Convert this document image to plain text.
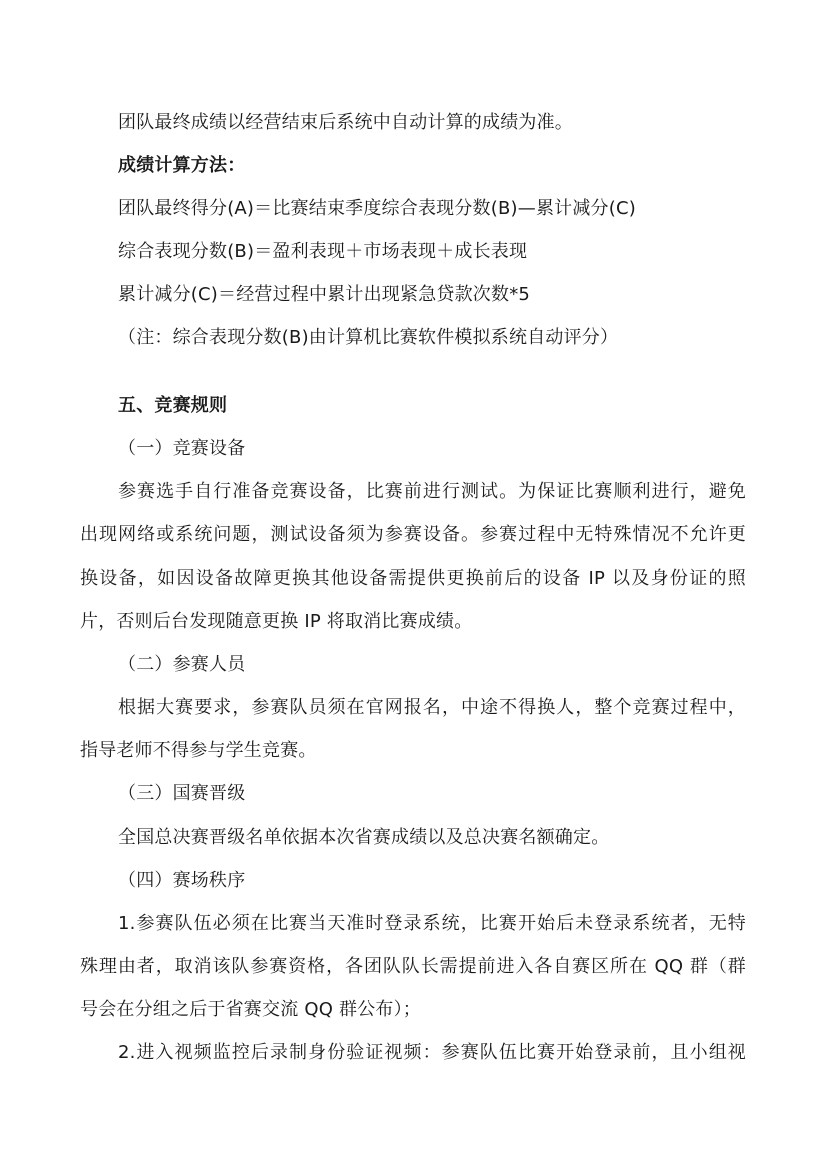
团队最终成绩以经营结束后系统中自动计算的成绩为准。
成绩计算方法：
团队最终得分(A)＝比赛结束季度综合表现分数(B)—累计减分(C)
综合表现分数(B)＝盈利表现＋市场表现＋成长表现
累计减分(C)＝经营过程中累计出现紧急贷款次数*5
（注：综合表现分数(B)由计算机比赛软件模拟系统自动评分）
五、竞赛规则
（一）竞赛设备
参赛选手自行准备竞赛设备，比赛前进行测试。为保证比赛顺利进行，避免
出现网络或系统问题，测试设备须为参赛设备。参赛过程中无特殊情况不允许更
换设备，如因设备故障更换其他设备需提供更换前后的设备 IP 以及身份证的照
片，否则后台发现随意更换 IP 将取消比赛成绩。
（二）参赛人员
根据大赛要求，参赛队员须在官网报名，中途不得换人，整个竞赛过程中，
指导老师不得参与学生竞赛。
（三）国赛晋级
全国总决赛晋级名单依据本次省赛成绩以及总决赛名额确定。
（四）赛场秩序
1.参赛队伍必须在比赛当天准时登录系统，比赛开始后未登录系统者，无特
殊理由者，取消该队参赛资格，各团队队长需提前进入各自赛区所在 QQ 群（群
号会在分组之后于省赛交流 QQ 群公布）；
2.进入视频监控后录制身份验证视频：参赛队伍比赛开始登录前，且小组视
